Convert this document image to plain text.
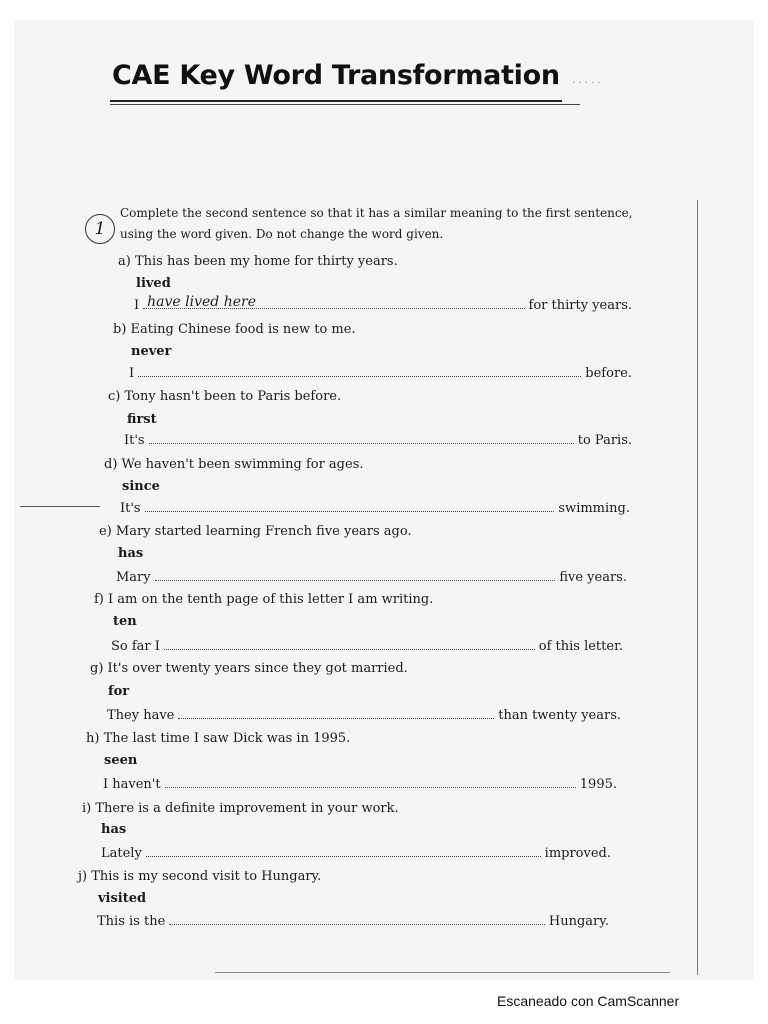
CAE Key Word Transformation · · · · ·
1
Complete the second sentence so that it has a similar meaning to the first sentence, using the word given. Do not change the word given.
a) This has been my home for thirty years.
lived
I have lived here	for thirty years.
b) Eating Chinese food is new to me.
never
I	before.
c) Tony hasn't been to Paris before.
first
It's	to Paris.
d) We haven't been swimming for ages.
since
It's	swimming.
e) Mary started learning French five years ago.
has
Mary	five years.
f) I am on the tenth page of this letter I am writing.
ten
So far I	of this letter.
g) It's over twenty years since they got married.
for
They have	than twenty years.
h) The last time I saw Dick was in 1995.
seen
I haven't	1995.
i) There is a definite improvement in your work.
has
Lately	improved.
j) This is my second visit to Hungary.
visited
This is the	Hungary.
Escaneado con CamScanner
